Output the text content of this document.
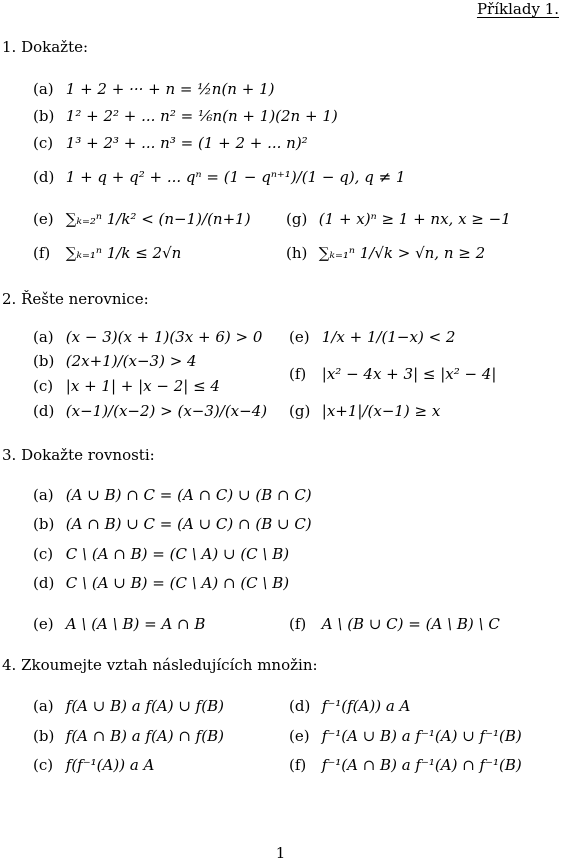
Příklady 1.
1. Dokažte:
(a) 1 + 2 + ··· + n = ½n(n + 1)
(b) 1² + 2² + ... n² = ⅙n(n + 1)(2n + 1)
(c) 1³ + 2³ + ... n³ = (1 + 2 + ... n)²
(d) 1 + q + q² + ... qⁿ = (1 − qⁿ⁺¹)/(1 − q), q ≠ 1
(e) ∑ₖ₌₂ⁿ 1/k² < (n−1)/(n+1)
(f) ∑ₖ₌₁ⁿ 1/k ≤ 2√n
(g) (1 + x)ⁿ ≥ 1 + nx, x ≥ −1
(h) ∑ₖ₌₁ⁿ 1/√k > √n, n ≥ 2
2. Řešte nerovnice:
(a) (x − 3)(x + 1)(3x + 6) > 0
(b) (2x+1)/(x−3) > 4
(c) |x + 1| + |x − 2| ≤ 4
(d) (x−1)/(x−2) > (x−3)/(x−4)
(e) 1/x + 1/(1−x) < 2
(f) |x² − 4x + 3| ≤ |x² − 4|
(g) |x+1|/(x−1) ≥ x
3. Dokažte rovnosti:
(a) (A ∪ B) ∩ C = (A ∩ C) ∪ (B ∩ C)
(b) (A ∩ B) ∪ C = (A ∪ C) ∩ (B ∪ C)
(c) C \ (A ∩ B) = (C \ A) ∪ (C \ B)
(d) C \ (A ∪ B) = (C \ A) ∩ (C \ B)
(e) A \ (A \ B) = A ∩ B	(f) A \ (B ∪ C) = (A \ B) \ C
4. Zkoumejte vztah následujících množin:
(a) f(A ∪ B) a f(A) ∪ f(B)
(b) f(A ∩ B) a f(A) ∩ f(B)
(c) f(f⁻¹(A)) a A
(d) f⁻¹(f(A)) a A
(e) f⁻¹(A ∪ B) a f⁻¹(A) ∪ f⁻¹(B)
(f) f⁻¹(A ∩ B) a f⁻¹(A) ∩ f⁻¹(B)
1
